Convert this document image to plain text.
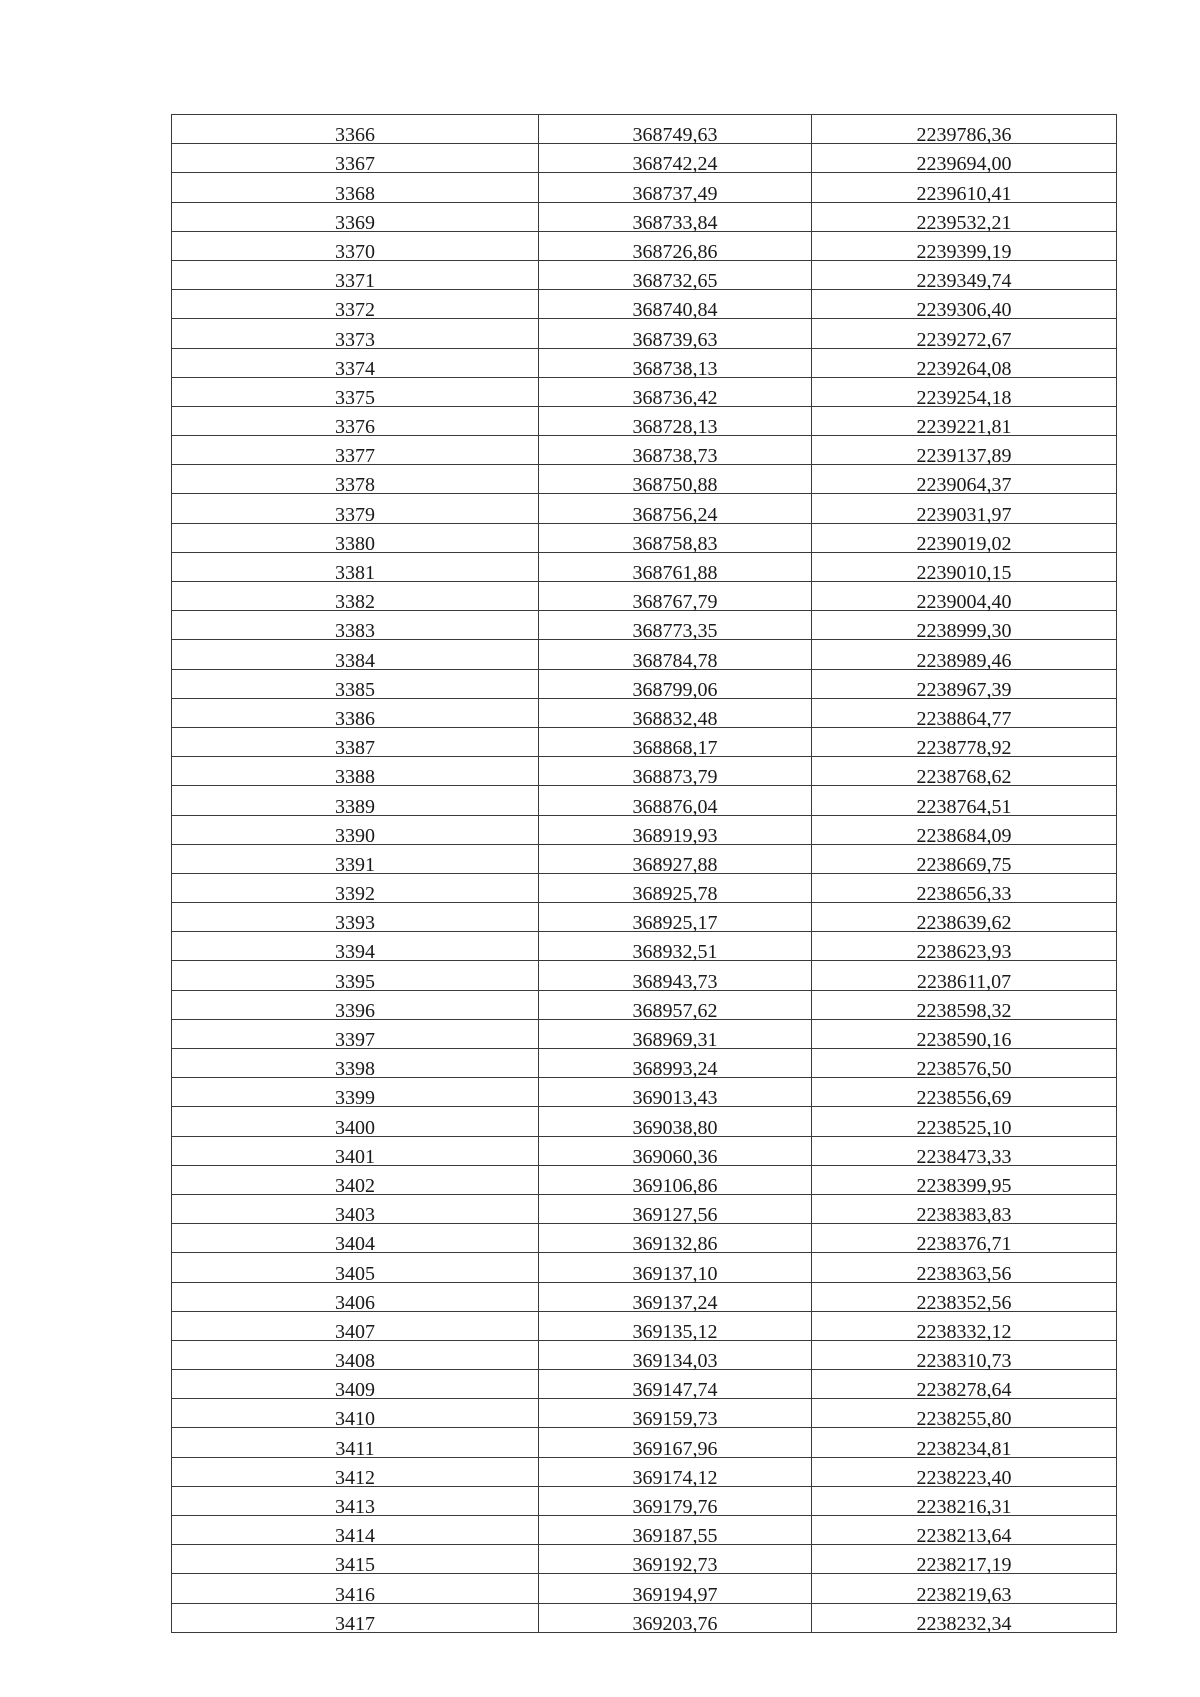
3366	368749,63	2239786,36
3367	368742,24	2239694,00
3368	368737,49	2239610,41
3369	368733,84	2239532,21
3370	368726,86	2239399,19
3371	368732,65	2239349,74
3372	368740,84	2239306,40
3373	368739,63	2239272,67
3374	368738,13	2239264,08
3375	368736,42	2239254,18
3376	368728,13	2239221,81
3377	368738,73	2239137,89
3378	368750,88	2239064,37
3379	368756,24	2239031,97
3380	368758,83	2239019,02
3381	368761,88	2239010,15
3382	368767,79	2239004,40
3383	368773,35	2238999,30
3384	368784,78	2238989,46
3385	368799,06	2238967,39
3386	368832,48	2238864,77
3387	368868,17	2238778,92
3388	368873,79	2238768,62
3389	368876,04	2238764,51
3390	368919,93	2238684,09
3391	368927,88	2238669,75
3392	368925,78	2238656,33
3393	368925,17	2238639,62
3394	368932,51	2238623,93
3395	368943,73	2238611,07
3396	368957,62	2238598,32
3397	368969,31	2238590,16
3398	368993,24	2238576,50
3399	369013,43	2238556,69
3400	369038,80	2238525,10
3401	369060,36	2238473,33
3402	369106,86	2238399,95
3403	369127,56	2238383,83
3404	369132,86	2238376,71
3405	369137,10	2238363,56
3406	369137,24	2238352,56
3407	369135,12	2238332,12
3408	369134,03	2238310,73
3409	369147,74	2238278,64
3410	369159,73	2238255,80
3411	369167,96	2238234,81
3412	369174,12	2238223,40
3413	369179,76	2238216,31
3414	369187,55	2238213,64
3415	369192,73	2238217,19
3416	369194,97	2238219,63
3417	369203,76	2238232,34
